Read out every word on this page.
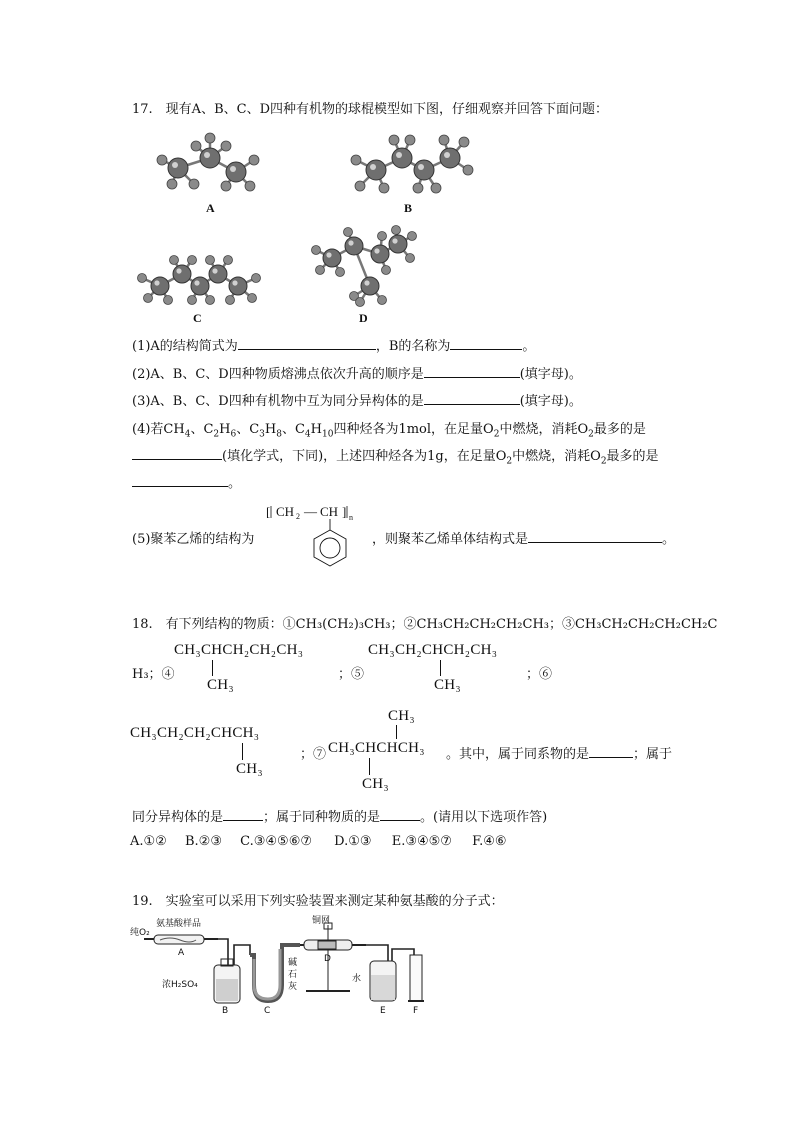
17.　现有A、B、C、D四种有机物的球棍模型如下图，仔细观察并回答下面问题：
A	B
C	D
(1)A的结构简式为	，B的名称为	。
(2)A、B、C、D四种物质熔沸点依次升高的顺序是	(填字母)。
(3)A、B、C、D四种有机物中互为同分异构体的是	(填字母)。
(4)若$CH_4$、$C_2H_6$、$C_3H_8$、$C_4H_{10}$四种烃各为1mol，在足量$O_2$中燃烧，消耗$O_2$最多的是
(填化学式，下同)，上述四种烃各为1g，在足量$O_2$中燃烧，消耗$O_2$最多的是
。
(5)聚苯乙烯的结构为
[ CH 2 — CH ] n
，则聚苯乙烯单体结构式是	。
18.　有下列结构的物质：①CH₃(CH₂)₃CH₃；②CH₃CH₂CH₂CH₂CH₃；③CH₃CH₂CH₂CH₂CH₂C
H₃；④
CH₃CHCH₂CH₂CH₃
CH₃
；⑤
CH₃CH₂CHCH₂CH₃
CH₃
；⑥
CH₃CH₂CH₂CHCH₃
CH₃
；⑦
CH₃
CH₃CHCHCH₃
CH₃
。其中，属于同系物的是	；属于
同分异构体的是	；属于同种物质的是	。(请用以下选项作答)
A.①② B.②③ C.③④⑤⑥⑦ D.①③ E.③④⑤⑦ F.④⑥
19.　实验室可以采用下列实验装置来测定某种氨基酸的分子式：
纯O₂
氨基酸样品	铜网
浓H₂SO₄
碱
石
灰
水
A
B	C
D
E	F
